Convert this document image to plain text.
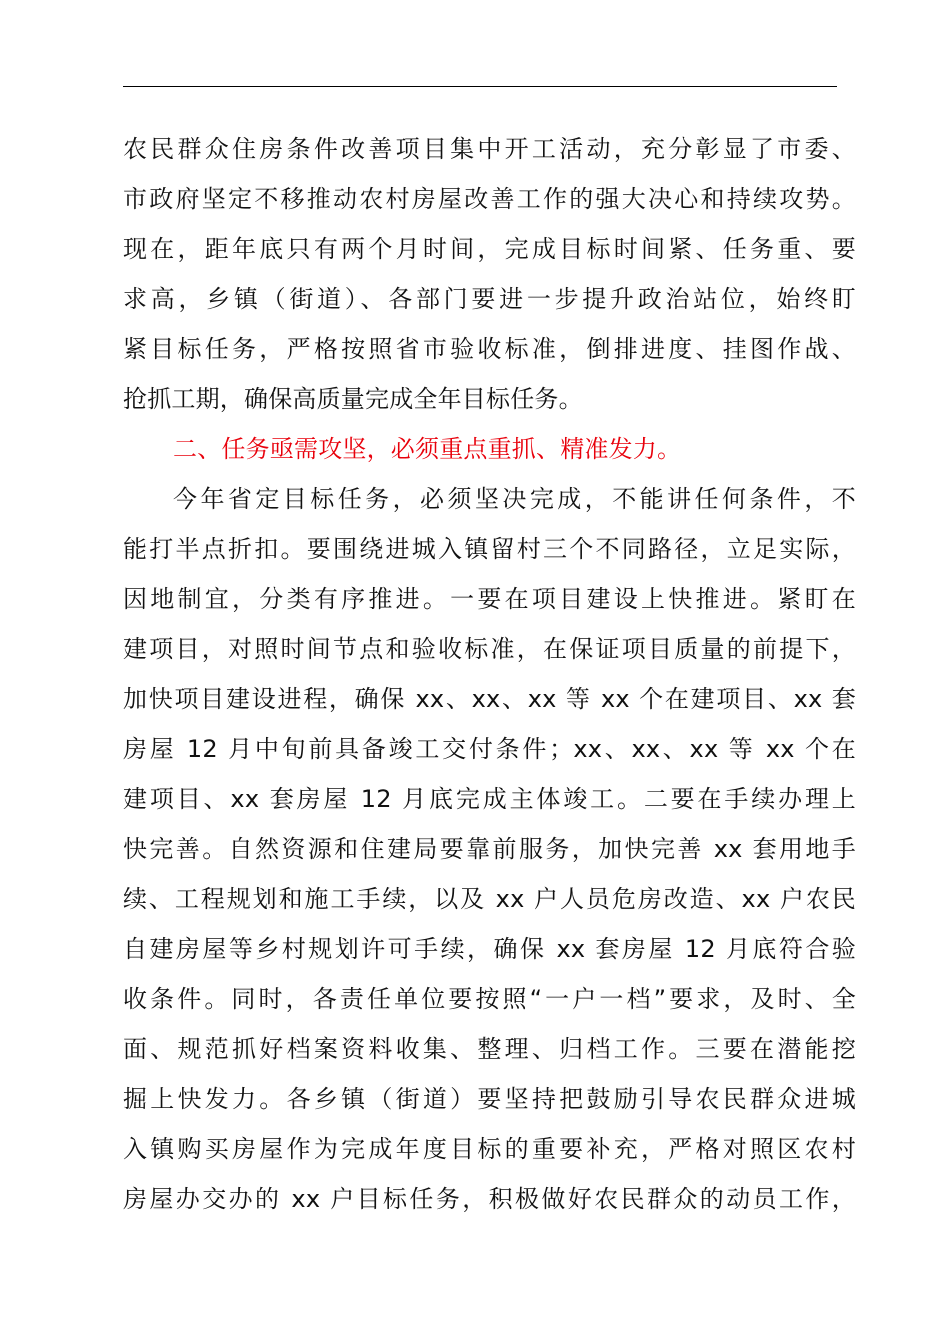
农民群众住房条件改善项目集中开工活动，充分彰显了市委、
市政府坚定不移推动农村房屋改善工作的强大决心和持续攻势。
现在，距年底只有两个月时间，完成目标时间紧、任务重、要
求高，乡镇（街道）、各部门要进一步提升政治站位，始终盯
紧目标任务，严格按照省市验收标准，倒排进度、挂图作战、
抢抓工期，确保高质量完成全年目标任务。
二、任务亟需攻坚，必须重点重抓、精准发力。
今年省定目标任务，必须坚决完成，不能讲任何条件，不
能打半点折扣。要围绕进城入镇留村三个不同路径，立足实际，
因地制宜，分类有序推进。一要在项目建设上快推进。紧盯在
建项目，对照时间节点和验收标准，在保证项目质量的前提下，
加快项目建设进程，确保 xx、xx、xx 等 xx 个在建项目、xx 套
房屋 12 月中旬前具备竣工交付条件；xx、xx、xx 等 xx 个在
建项目、xx 套房屋 12 月底完成主体竣工。二要在手续办理上
快完善。自然资源和住建局要靠前服务，加快完善 xx 套用地手
续、工程规划和施工手续，以及 xx 户人员危房改造、xx 户农民
自建房屋等乡村规划许可手续，确保 xx 套房屋 12 月底符合验
收条件。同时，各责任单位要按照“一户一档”要求，及时、全
面、规范抓好档案资料收集、整理、归档工作。三要在潜能挖
掘上快发力。各乡镇（街道）要坚持把鼓励引导农民群众进城
入镇购买房屋作为完成年度目标的重要补充，严格对照区农村
房屋办交办的 xx 户目标任务，积极做好农民群众的动员工作，
